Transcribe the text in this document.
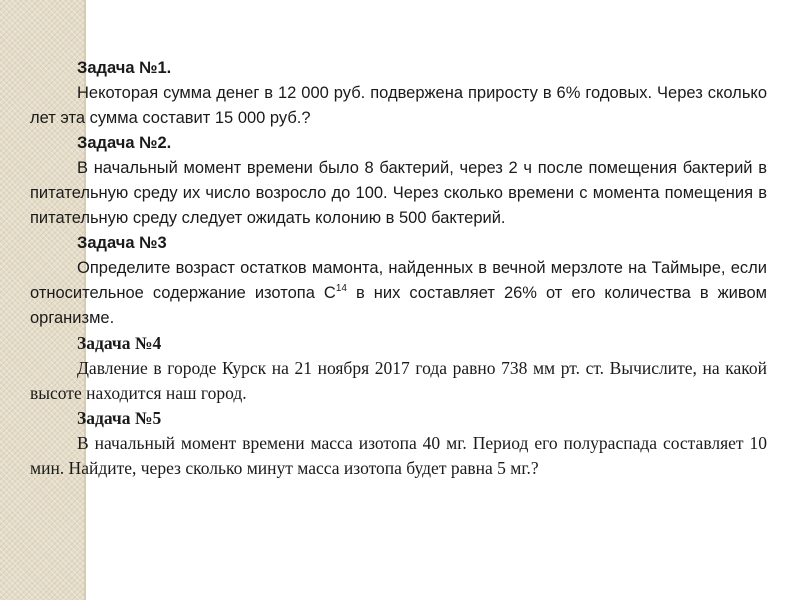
Задача №1.

Некоторая сумма денег в 12 000 руб. подвержена приросту в 6% годовых. Через сколько лет эта сумма составит 15 000 руб.?

Задача №2.

В начальный момент времени было 8 бактерий, через 2 ч после помещения бактерий в питательную среду их число возросло до 100. Через сколько времени с момента помещения в питательную среду следует ожидать колонию в 500 бактерий.

Задача №3

Определите возраст остатков мамонта, найденных в вечной мерзлоте на Таймыре, если относительное содержание изотопа $C^{14}$ в них составляет 26% от его количества в живом организме.

Задача №4

Давление в городе Курск на 21 ноября 2017 года равно 738 мм рт. ст. Вычислите, на какой высоте находится наш город.

Задача №5

В начальный момент времени масса изотопа 40 мг. Период его полураспада составляет 10 мин. Найдите, через сколько минут масса изотопа будет равна 5 мг.?
